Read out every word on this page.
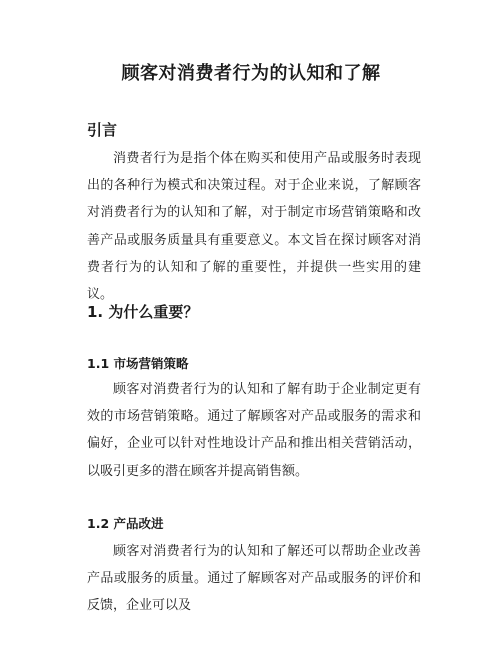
顾客对消费者行为的认知和了解
引言

消费者行为是指个体在购买和使用产品或服务时表现出的各种行为模式和决策过程。对于企业来说，了解顾客对消费者行为的认知和了解，对于制定市场营销策略和改善产品或服务质量具有重要意义。本文旨在探讨顾客对消费者行为的认知和了解的重要性，并提供一些实用的建议。

1. 为什么重要？
1.1 市场营销策略

顾客对消费者行为的认知和了解有助于企业制定更有效的市场营销策略。通过了解顾客对产品或服务的需求和偏好，企业可以针对性地设计产品和推出相关营销活动，以吸引更多的潜在顾客并提高销售额。

1.2 产品改进

顾客对消费者行为的认知和了解还可以帮助企业改善产品或服务的质量。通过了解顾客对产品或服务的评价和反馈，企业可以及
